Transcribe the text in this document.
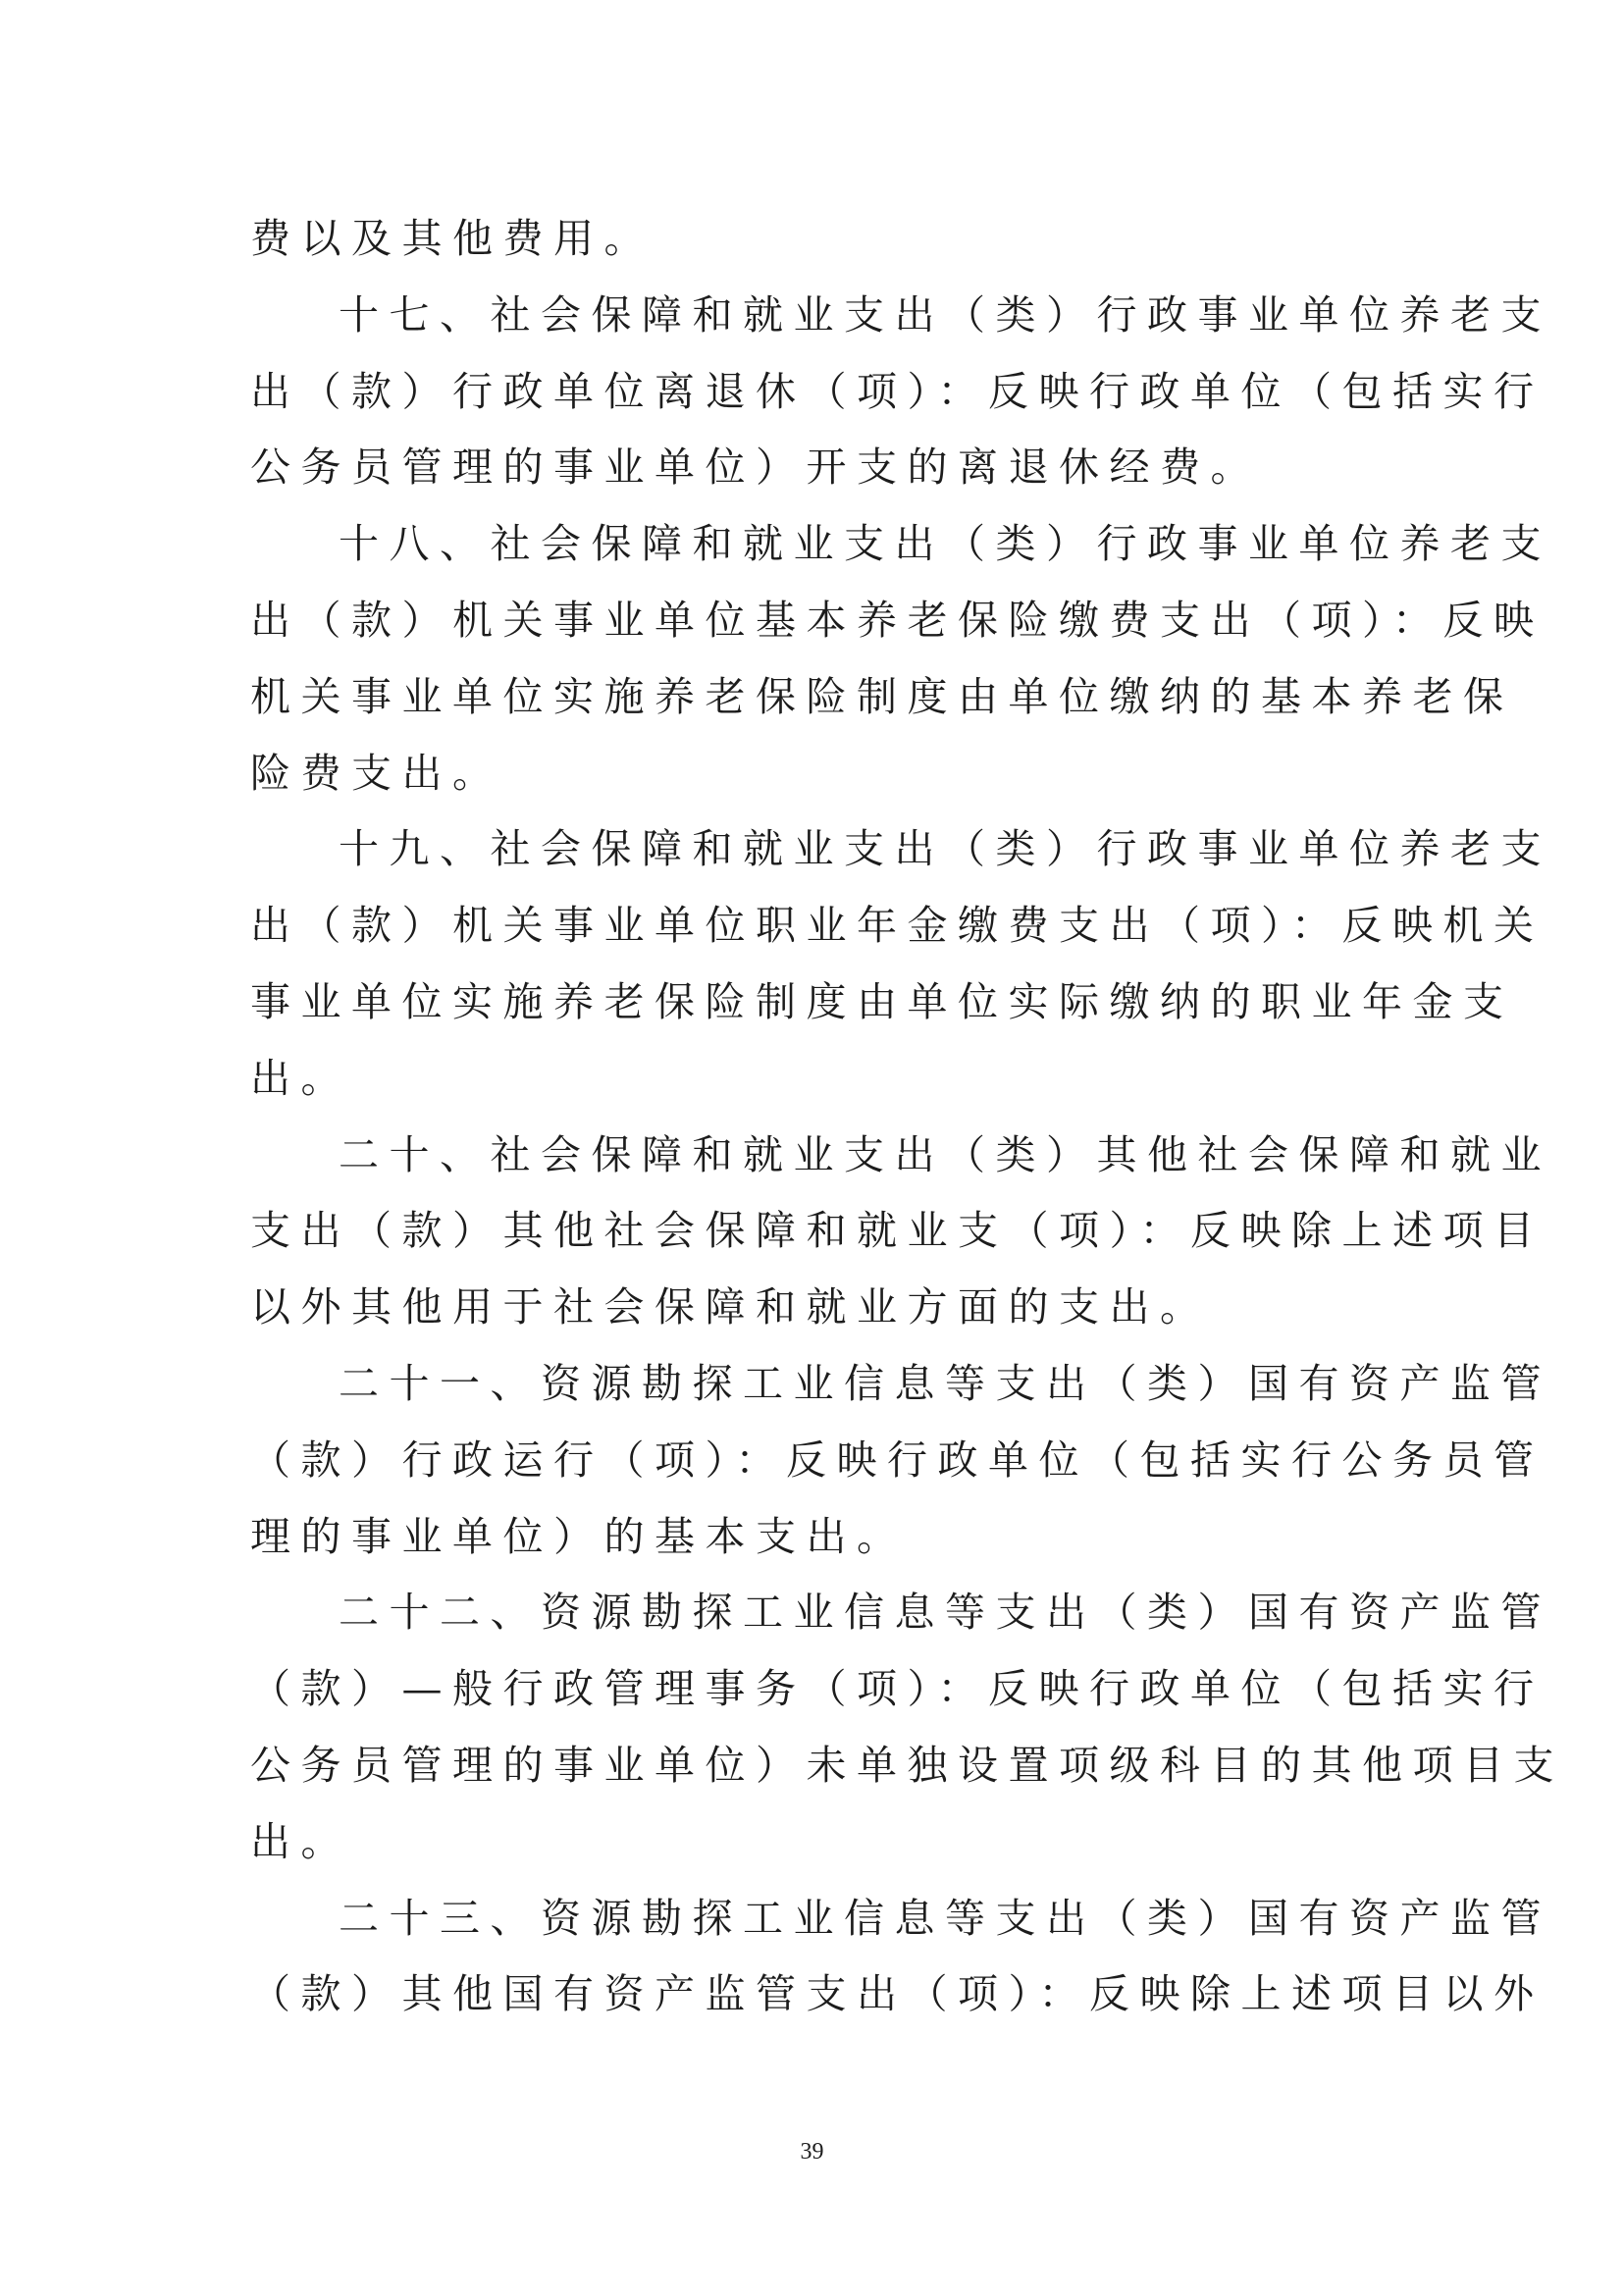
费以及其他费用。
十七、社会保障和就业支出（类）行政事业单位养老支
出（款）行政单位离退休（项）：反映行政单位（包括实行
公务员管理的事业单位）开支的离退休经费。
十八、社会保障和就业支出（类）行政事业单位养老支
出（款）机关事业单位基本养老保险缴费支出（项）：反映
机关事业单位实施养老保险制度由单位缴纳的基本养老保
险费支出。
十九、社会保障和就业支出（类）行政事业单位养老支
出（款）机关事业单位职业年金缴费支出（项）：反映机关
事业单位实施养老保险制度由单位实际缴纳的职业年金支
出。
二十、社会保障和就业支出（类）其他社会保障和就业
支出（款）其他社会保障和就业支（项）：反映除上述项目
以外其他用于社会保障和就业方面的支出。
二十一、资源勘探工业信息等支出（类）国有资产监管
（款）行政运行（项）：反映行政单位（包括实行公务员管
理的事业单位）的基本支出。
二十二、资源勘探工业信息等支出（类）国有资产监管
（款）—般行政管理事务（项）：反映行政单位（包括实行
公务员管理的事业单位）未单独设置项级科目的其他项目支
出。
二十三、资源勘探工业信息等支出（类）国有资产监管
（款）其他国有资产监管支出（项）：反映除上述项目以外
39
